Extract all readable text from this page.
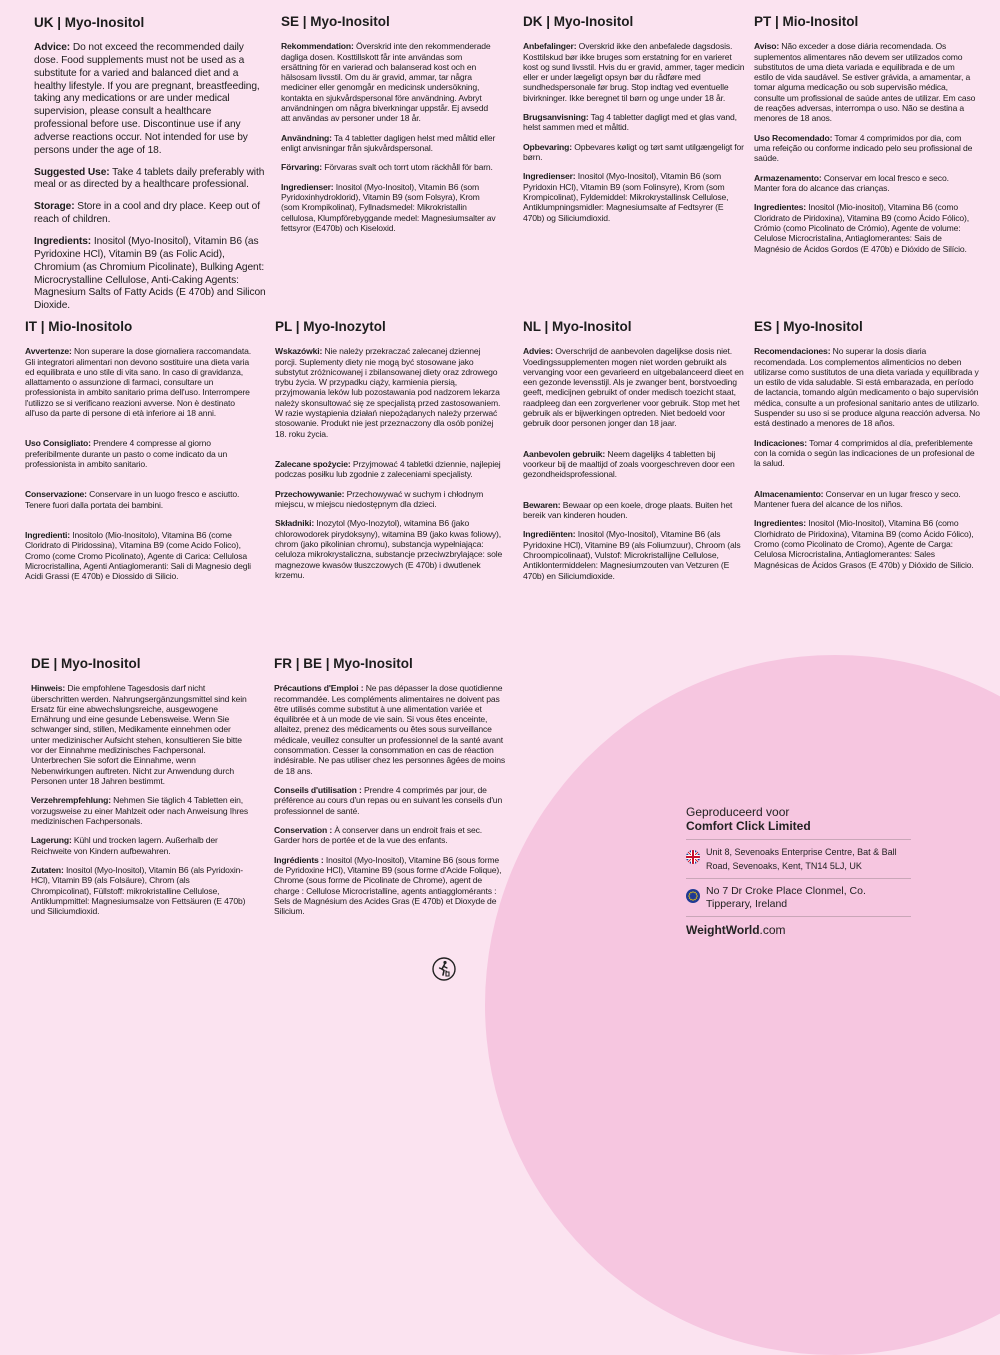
UK | Myo-Inositol

Advice: Do not exceed the recommended daily dose. Food supplements must not be used as a substitute for a varied and balanced diet and a healthy lifestyle. If you are pregnant, breastfeeding, taking any medications or are under medical supervision, please consult a healthcare professional before use. Discontinue use if any adverse reactions occur. Not intended for use by persons under the age of 18.

Suggested Use: Take 4 tablets daily preferably with meal or as directed by a healthcare professional.

Storage: Store in a cool and dry place. Keep out of reach of children.

Ingredients: Inositol (Myo-Inositol), Vitamin B6 (as Pyridoxine HCl), Vitamin B9 (as Folic Acid), Chromium (as Chromium Picolinate), Bulking Agent: Microcrystalline Cellulose, Anti-Caking Agents: Magnesium Salts of Fatty Acids (E 470b) and Silicon Dioxide.

SE | Myo-Inositol

Rekommendation: Överskrid inte den rekommenderade dagliga dosen. Kosttillskott får inte användas som ersättning för en varierad och balanserad kost och en hälsosam livsstil. Om du är gravid, ammar, tar några mediciner eller genomgår en medicinsk undersökning, kontakta en sjukvårdspersonal före användning. Avbryt användningen om några biverkningar uppstår. Ej avsedd att användas av personer under 18 år.

Användning: Ta 4 tabletter dagligen helst med måltid eller enligt anvisningar från sjukvårdspersonal.

Förvaring: Förvaras svalt och torrt utom räckhåll för barn.

Ingredienser: Inositol (Myo-Inositol), Vitamin B6 (som Pyridoxinhydroklorid), Vitamin B9 (som Folsyra), Krom (som Krompikolinat), Fyllnadsmedel: Mikrokristallin cellulosa, Klumpförebyggande medel: Magnesiumsalter av fettsyror (E470b) och Kiseloxid.

DK | Myo-Inositol

Anbefalinger: Overskrid ikke den anbefalede dagsdosis. Kosttilskud bør ikke bruges som erstatning for en varieret kost og sund livsstil. Hvis du er gravid, ammer, tager medicin eller er under lægeligt opsyn bør du rådføre med sundhedspersonale før brug. Stop indtag ved eventuelle bivirkninger. Ikke beregnet til børn og unge under 18 år.

Brugsanvisning: Tag 4 tabletter dagligt med et glas vand, helst sammen med et måltid.

Opbevaring: Opbevares køligt og tørt samt utilgængeligt for børn.

Ingredienser: Inositol (Myo-Inositol), Vitamin B6 (som Pyridoxin HCl), Vitamin B9 (som Folinsyre), Krom (som Krompicolinat), Fyldemiddel: Mikrokrystallinsk Cellulose, Antiklumpningsmidler: Magnesiumsalte af Fedtsyrer (E 470b) og Siliciumdioxid.

PT | Mio-Inositol

Aviso: Não exceder a dose diária recomendada. Os suplementos alimentares não devem ser utilizados como substitutos de uma dieta variada e equilibrada e de um estilo de vida saudável. Se estiver grávida, a amamentar, a tomar alguma medicação ou sob supervisão médica, consulte um profissional de saúde antes de utilizar. Em caso de reações adversas, interrompa o uso. Não se destina a menores de 18 anos.

Uso Recomendado: Tomar 4 comprimidos por dia, com uma refeição ou conforme indicado pelo seu profissional de saúde.

Armazenamento: Conservar em local fresco e seco. Manter fora do alcance das crianças.

Ingredientes: Inositol (Mio-inositol), Vitamina B6 (como Cloridrato de Piridoxina), Vitamina B9 (como Ácido Fólico), Crómio (como Picolinato de Crómio), Agente de volume: Celulose Microcristalina, Antiaglomerantes: Sais de Magnésio de Ácidos Gordos (E 470b) e Dióxido de Silício.

IT | Mio-Inositolo

Avvertenze: Non superare la dose giornaliera raccomandata. Gli integratori alimentari non devono sostituire una dieta varia ed equilibrata e uno stile di vita sano. In caso di gravidanza, allattamento o assunzione di farmaci, consultare un professionista in ambito sanitario prima dell'uso. Interrompere l'utilizzo se si verificano reazioni avverse. Non è destinato all'uso da parte di persone di età inferiore ai 18 anni.

Uso Consigliato: Prendere 4 compresse al giorno preferibilmente durante un pasto o come indicato da un professionista in ambito sanitario.

Conservazione: Conservare in un luogo fresco e asciutto. Tenere fuori dalla portata dei bambini.

Ingredienti: Inositolo (Mio-Inositolo), Vitamina B6 (come Cloridrato di Piridossina), Vitamina B9 (come Acido Folico), Cromo (come Cromo Picolinato), Agente di Carica: Cellulosa Microcristallina, Agenti Antiaglomeranti: Sali di Magnesio degli Acidi Grassi (E 470b) e Diossido di Silicio.

PL | Myo-Inozytol

Wskazówki: Nie należy przekraczać zalecanej dziennej porcji. Suplementy diety nie mogą być stosowane jako substytut zróżnicowanej i zbilansowanej diety oraz zdrowego trybu życia. W przypadku ciąży, karmienia piersią, przyjmowania leków lub pozostawania pod nadzorem lekarza należy skonsultować się ze specjalistą przed zastosowaniem. W razie wystąpienia działań niepożądanych należy przerwać stosowanie. Produkt nie jest przeznaczony dla osób poniżej 18. roku życia.

Zalecane spożycie: Przyjmować 4 tabletki dziennie, najlepiej podczas posiłku lub zgodnie z zaleceniami specjalisty.

Przechowywanie: Przechowywać w suchym i chłodnym miejscu, w miejscu niedostępnym dla dzieci.

Składniki: Inozytol (Myo-Inozytol), witamina B6 (jako chlorowodorek pirydoksyny), witamina B9 (jako kwas foliowy), chrom (jako pikolinian chromu), substancja wypełniająca: celuloza mikrokrystaliczna, substancje przeciwzbrylające: sole magnezowe kwasów tłuszczowych (E 470b) i dwutlenek krzemu.

NL | Myo-Inositol

Advies: Overschrijd de aanbevolen dagelijkse dosis niet. Voedingssupplementen mogen niet worden gebruikt als vervanging voor een gevarieerd en uitgebalanceerd dieet en een gezonde levensstijl. Als je zwanger bent, borstvoeding geeft, medicijnen gebruikt of onder medisch toezicht staat, raadpleeg dan een zorgverlener voor gebruik. Stop met het gebruik als er bijwerkingen optreden. Niet bedoeld voor gebruik door personen jonger dan 18 jaar.

Aanbevolen gebruik: Neem dagelijks 4 tabletten bij voorkeur bij de maaltijd of zoals voorgeschreven door een gezondheidsprofessional.

Bewaren: Bewaar op een koele, droge plaats. Buiten het bereik van kinderen houden.

Ingrediënten: Inositol (Myo-Inositol), Vitamine B6 (als Pyridoxine HCl), Vitamine B9 (als Foliumzuur), Chroom (als Chroompicolinaat), Vulstof: Microkristallijne Cellulose, Antiklontermiddelen: Magnesiumzouten van Vetzuren (E 470b) en Siliciumdioxide.

ES | Myo-Inositol

Recomendaciones: No superar la dosis diaria recomendada. Los complementos alimenticios no deben utilizarse como sustitutos de una dieta variada y equilibrada y un estilo de vida saludable. Si está embarazada, en período de lactancia, tomando algún medicamento o bajo supervisión médica, consulte a un profesional sanitario antes de utilizarlo. Suspender su uso si se produce alguna reacción adversa. No está destinado a menores de 18 años.

Indicaciones: Tomar 4 comprimidos al día, preferiblemente con la comida o según las indicaciones de un profesional de la salud.

Almacenamiento: Conservar en un lugar fresco y seco. Mantener fuera del alcance de los niños.

Ingredientes: Inositol (Mio-Inositol), Vitamina B6 (como Clorhidrato de Piridoxina), Vitamina B9 (como Ácido Fólico), Cromo (como Picolinato de Cromo), Agente de Carga: Celulosa Microcristalina, Antiaglomerantes: Sales Magnésicas de Ácidos Grasos (E 470b) y Dióxido de Silicio.

DE | Myo-Inositol

Hinweis: Die empfohlene Tagesdosis darf nicht überschritten werden. Nahrungsergänzungsmittel sind kein Ersatz für eine abwechslungsreiche, ausgewogene Ernährung und eine gesunde Lebensweise. Wenn Sie schwanger sind, stillen, Medikamente einnehmen oder unter medizinischer Aufsicht stehen, konsultieren Sie bitte vor der Einnahme medizinisches Fachpersonal. Unterbrechen Sie sofort die Einnahme, wenn Nebenwirkungen auftreten. Nicht zur Anwendung durch Personen unter 18 Jahren bestimmt.

Verzehrempfehlung: Nehmen Sie täglich 4 Tabletten ein, vorzugsweise zu einer Mahlzeit oder nach Anweisung Ihres medizinischen Fachpersonals.

Lagerung: Kühl und trocken lagern. Außerhalb der Reichweite von Kindern aufbewahren.

Zutaten: Inositol (Myo-Inositol), Vitamin B6 (als Pyridoxin-HCl), Vitamin B9 (als Folsäure), Chrom (als Chrompicolinat), Füllstoff: mikrokristalline Cellulose, Antiklumpmittel: Magnesiumsalze von Fettsäuren (E 470b) und Siliciumdioxid.

FR | BE | Myo-Inositol

Précautions d'Emploi : Ne pas dépasser la dose quotidienne recommandée. Les compléments alimentaires ne doivent pas être utilisés comme substitut à une alimentation variée et équilibrée et à un mode de vie sain. Si vous êtes enceinte, allaitez, prenez des médicaments ou êtes sous surveillance médicale, veuillez consulter un professionnel de la santé avant consommation. Cesser la consommation en cas de réaction indésirable. Ne pas utiliser chez les personnes âgées de moins de 18 ans.

Conseils d'utilisation : Prendre 4 comprimés par jour, de préférence au cours d'un repas ou en suivant les conseils d'un professionnel de santé.

Conservation : À conserver dans un endroit frais et sec. Garder hors de portée et de la vue des enfants.

Ingrédients : Inositol (Myo-Inositol), Vitamine B6 (sous forme de Pyridoxine HCl), Vitamine B9 (sous forme d'Acide Folique), Chrome (sous forme de Picolinate de Chrome), agent de charge : Cellulose Microcristalline, agents antiagglomérants : Sels de Magnésium des Acides Gras (E 470b) et Dioxyde de Silicium.

Geproduceerd voor
Comfort Click Limited
Unit 8, Sevenoaks Enterprise Centre, Bat & Ball Road, Sevenoaks, Kent, TN14 5LJ, UK
No 7 Dr Croke Place Clonmel, Co. Tipperary, Ireland
WeightWorld.com
